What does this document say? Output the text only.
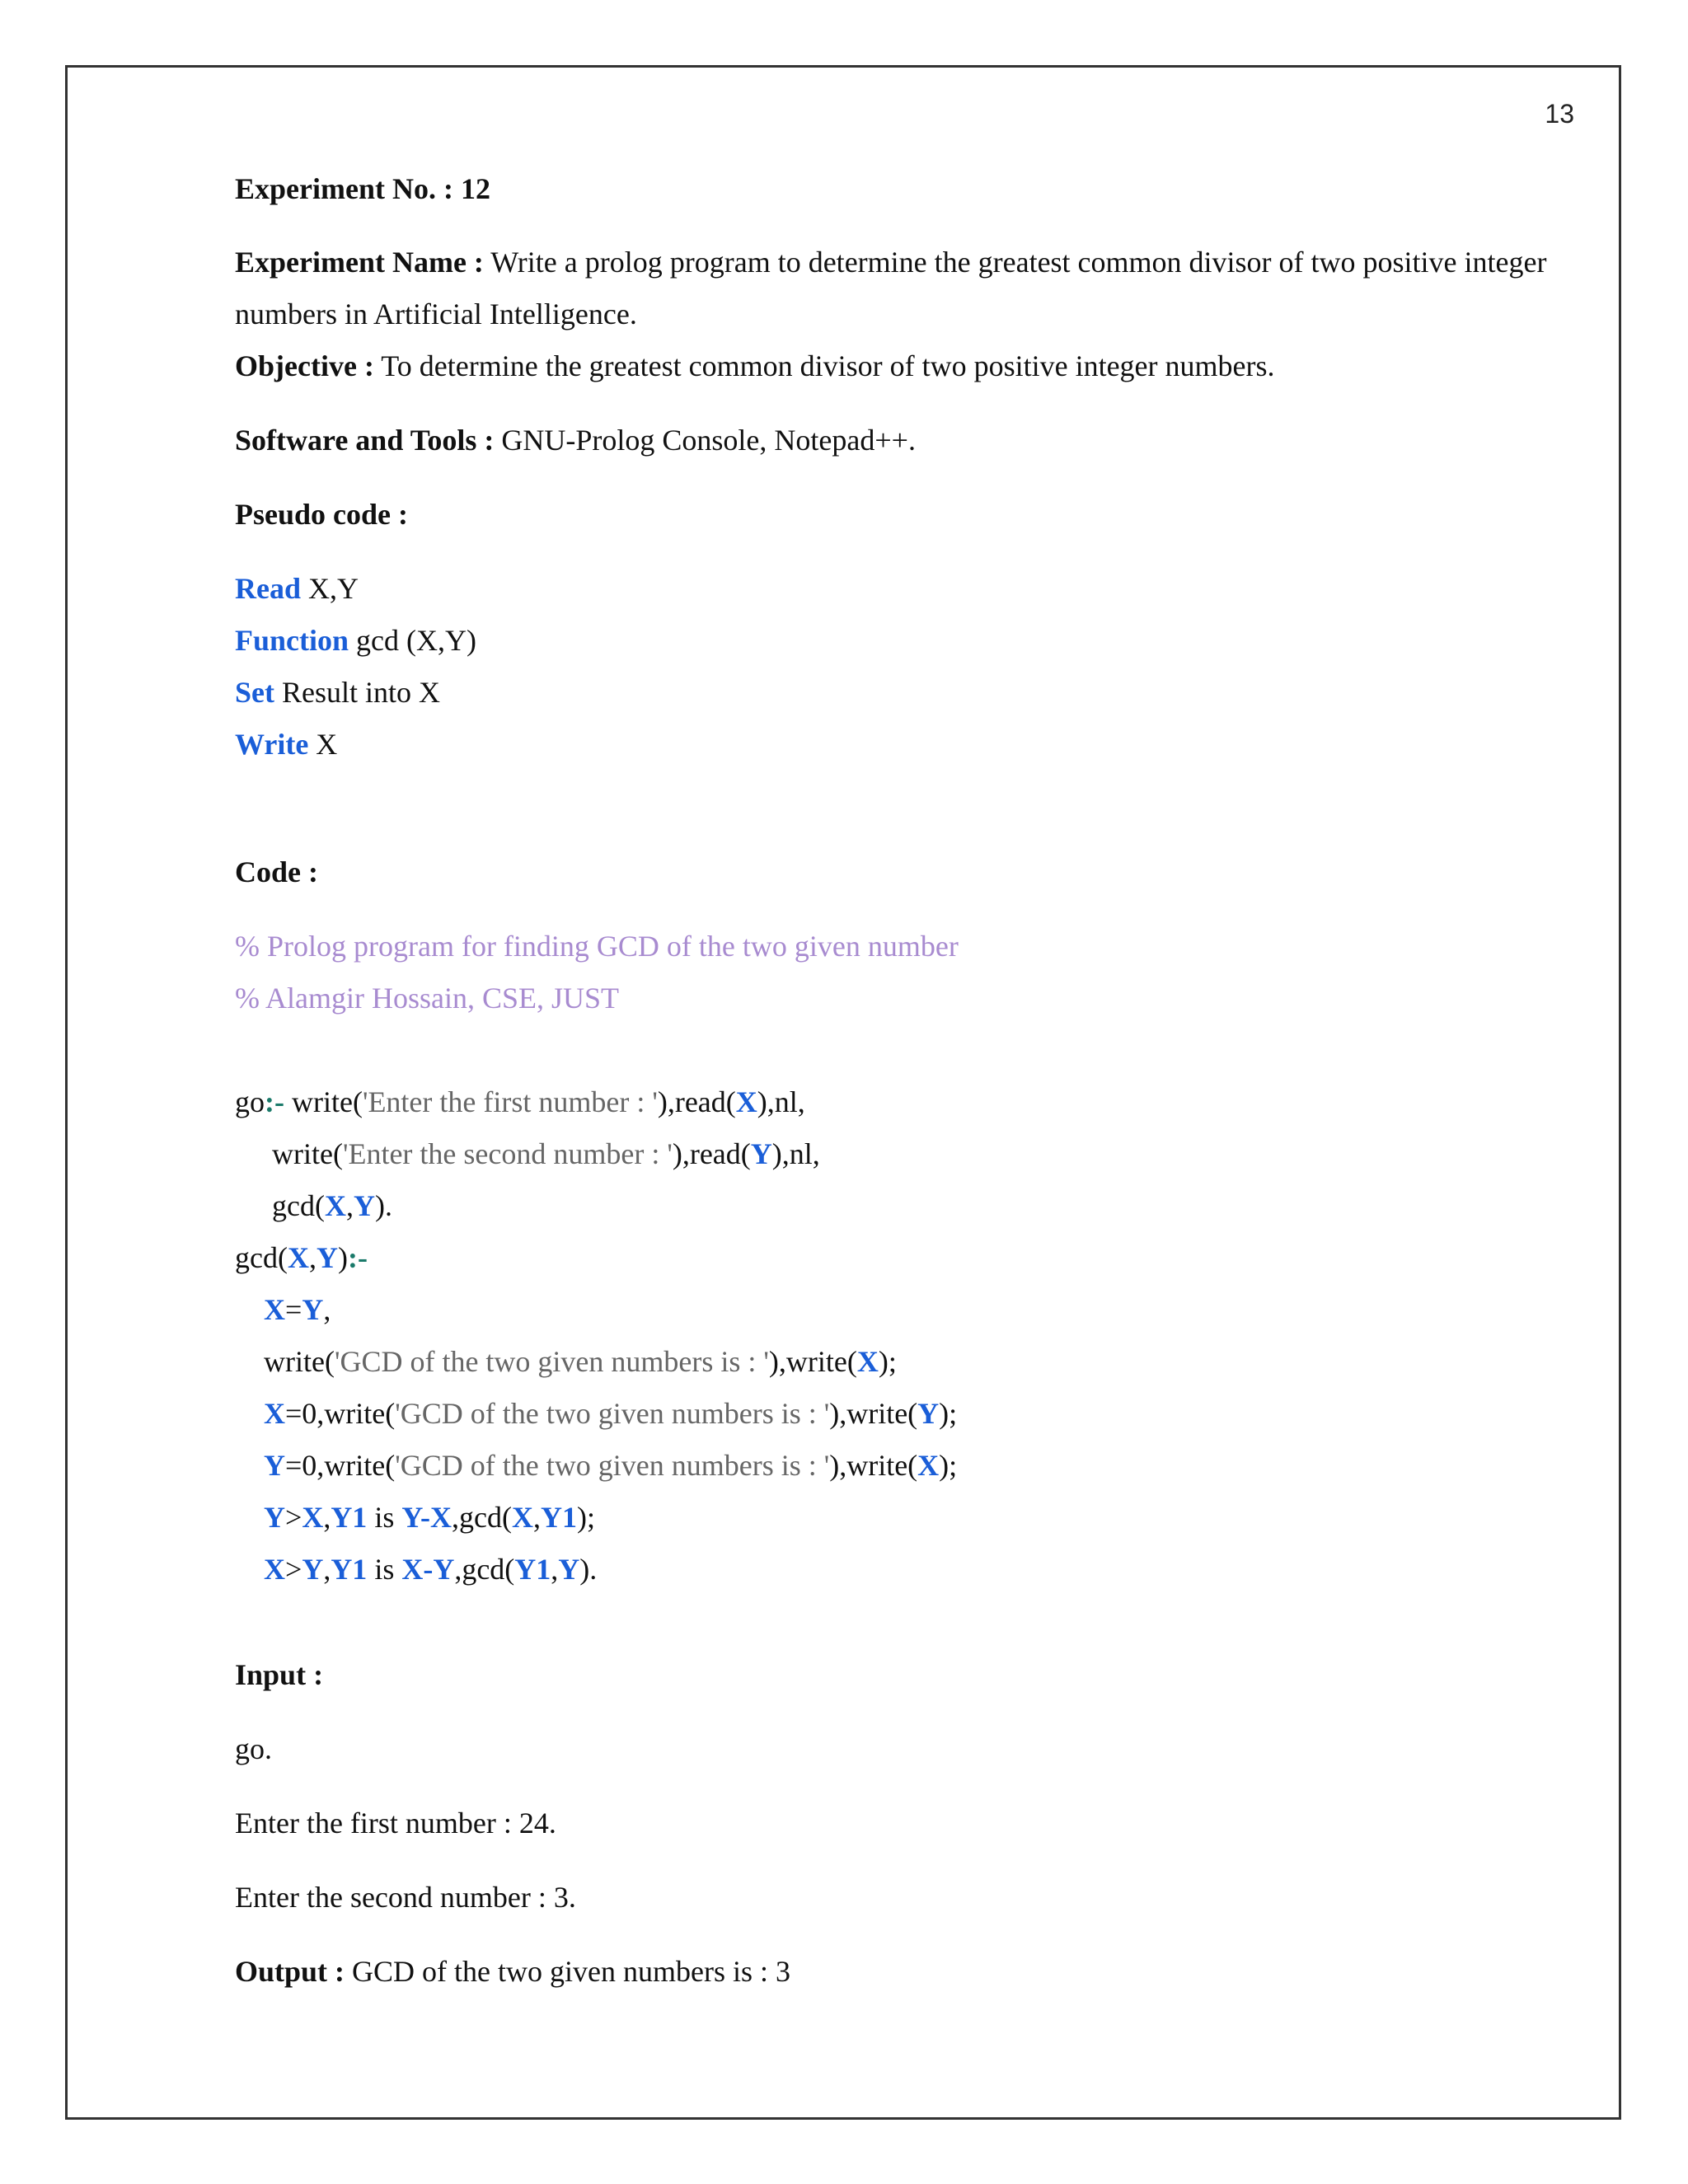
13
Experiment No. : 12
Experiment Name : Write a prolog program to determine the greatest common divisor of two positive integer
numbers in Artificial Intelligence.
Objective : To determine the greatest common divisor of two positive integer numbers.
Software and Tools : GNU-Prolog Console, Notepad++.
Pseudo code :
Read X,Y
Function gcd (X,Y)
Set Result into X
Write X
Code :
% Prolog program for finding GCD of the two given number
% Alamgir Hossain, CSE, JUST
go:- write('Enter the first number : '),read(X),nl,
write('Enter the second number : '),read(Y),nl,
gcd(X,Y).
gcd(X,Y):-
X=Y,
write('GCD of the two given numbers is : '),write(X);
X=0,write('GCD of the two given numbers is : '),write(Y);
Y=0,write('GCD of the two given numbers is : '),write(X);
Y>X,Y1 is Y-X,gcd(X,Y1);
X>Y,Y1 is X-Y,gcd(Y1,Y).
Input :
go.
Enter the first number : 24.
Enter the second number : 3.
Output : GCD of the two given numbers is : 3
